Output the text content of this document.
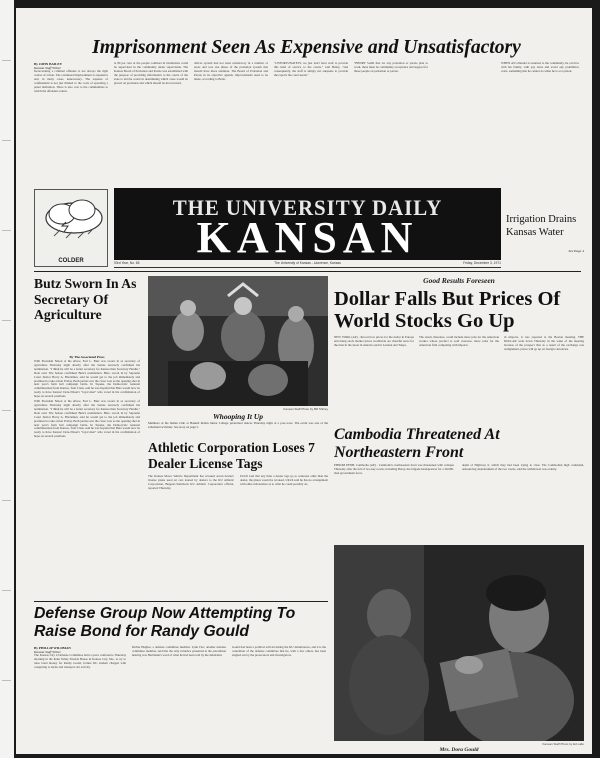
Imprisonment Seen As Expensive and Unsatisfactory
By JOHN BAILEY
Kansan Staff Writer

Incarcerating a criminal offender is not always the right course of action. The continued imprisonment is expensive and, in many cases, unnecessary. The expense of confinement is not just limited to the costs of operating a penal institution. There is also cost to the communities to which the offenders return.

at 80 per cent of the people confined in institutions could be supervised in the community under supervision. The Kansas Board of Probation and Parole was established with the purpose of providing information to the courts of the state to aid the courts in determining which cases would be placed on probation and which should be incarcerated.

offices system had not been satisfactory in a number of areas and was one phase of the probation system that should have more attention. The Board of Probation and Parole in its objective agenda, improvements need to be made, according to Bettz.

"UNFORTUNATELY, we just don't have staff to provide this kind of service to the courts," said Henry, "and consequently, the staff is simply not adequate to provide the reports the court needs."

"HENRY SAID that for any probation or parole plan to work, there must be community acceptance and support for those people on probation or parole.

WHEN AN offender is returned to the community, he can live with his family, with pay taxes and avoid any prohibitive costs, something that he cannot do when he is at a prison.

COLDER
THE UNIVERSITY DAILY
KANSAN
93rd Year, No. 65	The University of Kansas - Lawrence, Kansas	Friday, December 3, 1971
Irrigation Drains Kansas Water
See Page 4
Butz Sworn In As Secretary Of Agriculture
By The Associated Press

With President Nixon at his elbow, Earl L. Butz was sworn in as secretary of agriculture Thursday night shortly after the Senate narrowly confirmed his nomination. "I think he will be a better secretary for Kansas than Secretary Hardin," Dole said. The Senate confirmed Butz's nomination. Butz, sworn in by Supreme Court Justice Harry A. Blackmun, said he would get to the job immediately and promised to take action Friday. Both parties saw the close vote as the opening shot in next year's farm belt campaign battle. In Topeka, the Democratic national committeeman from Kansas, Tom Clark, said he was hopeful that Butz would now be ready to have Kansas' Dole-Nixon's "loyal men" who voted in his confirmation of hope on several positions.

With President Nixon at his elbow, Earl L. Butz was sworn in as secretary of agriculture Thursday night shortly after the Senate narrowly confirmed his nomination. "I think he will be a better secretary for Kansas than Secretary Hardin," Dole said. The Senate confirmed Butz's nomination. Butz, sworn in by Supreme Court Justice Harry A. Blackmun, said he would get to the job immediately and promised to take action Friday. Both parties saw the close vote as the opening shot in next year's farm belt campaign battle. In Topeka, the Democratic national committeeman from Kansas, Tom Clark, said he was hopeful that Butz would now be ready to have Kansas' Dole-Nixon's "loyal men" who voted in his confirmation of hope on several positions.

Kansan Staff Photo by Bill Shirley
Whooping It Up
Members of the Indian Club at Haskell Indian Junior College performed dances Thursday night at a pow-wow. The event was one of the scheduled activities. See story on page 5.
Good Results Foreseen
Dollar Falls But Prices Of World Stocks Go Up

NEW YORK (AP) - Record low prices for the dollar in Europe and rising stock market prices worldwide are cheerful news for the man in the street in America and in London and Tokyo.

The result, therefore, could include more jobs for the American worker whose product is sold overseas, more sales for the American firm competing with imports.

in imports, it was reported at the Boston meeting. THE DOLLAR went down Thursday in the wake of the meeting because of the prospect that as a result of the exchange rate realignment, prices will go up on foreign currencies.

Cambodia Threatened At Northeastern Front

PHNOM PENH, Cambodia (AP) - Cambodia's northeastern front was threatened with collapse Thursday after the fall of two key towns, including Baray, the brigade headquarters for a 20,000-man government force.

depth of Highway 6, which they had been trying to clear. The Cambodian high command, announcing abandonment of the two towns, said the withdrawal was orderly.

Athletic Corporation Loses 7 Dealer License Tags

The Kansas Motor Vehicle Department has revoked seven dealers' license plates used on cars loaned by dealers to the KU Athletic Corporation, Buppert-Steinbock KU Athletic Corporation official, reported Thursday.

Ulrich said that any time a dealer tags go to someone other than the dealer, the plates would be revoked. Ulrich said he has no arrangement with other universities as to what he could possibly do.

Defense Group Now Attempting To Raise Bond for Randy Gould
By PHILLIP WILDMAN
Kansan Staff Writer

The Kansas City 4 Defense Committee held a press conference Thursday morning in the Penn Valley Friends House in Kansas City, Mo., to try to raise bond money for Randy Gould, former KU student charged with conspiring to incite and transport riot activity.

Richie Hughes, a defense committee member. Lynn Farr, another defense committee member, said that the only evidence presented at the extradition hearing was Hartmann's word of what he had been told by the defendant.

Gould had been a political activist during the KU disturbances, and it is the contention of the defense committee that he, with a few others, has been singled out by the prosecutors and investigators.

Kansan Staff Photo by Ed Lallo
Mrs. Dora Gould
